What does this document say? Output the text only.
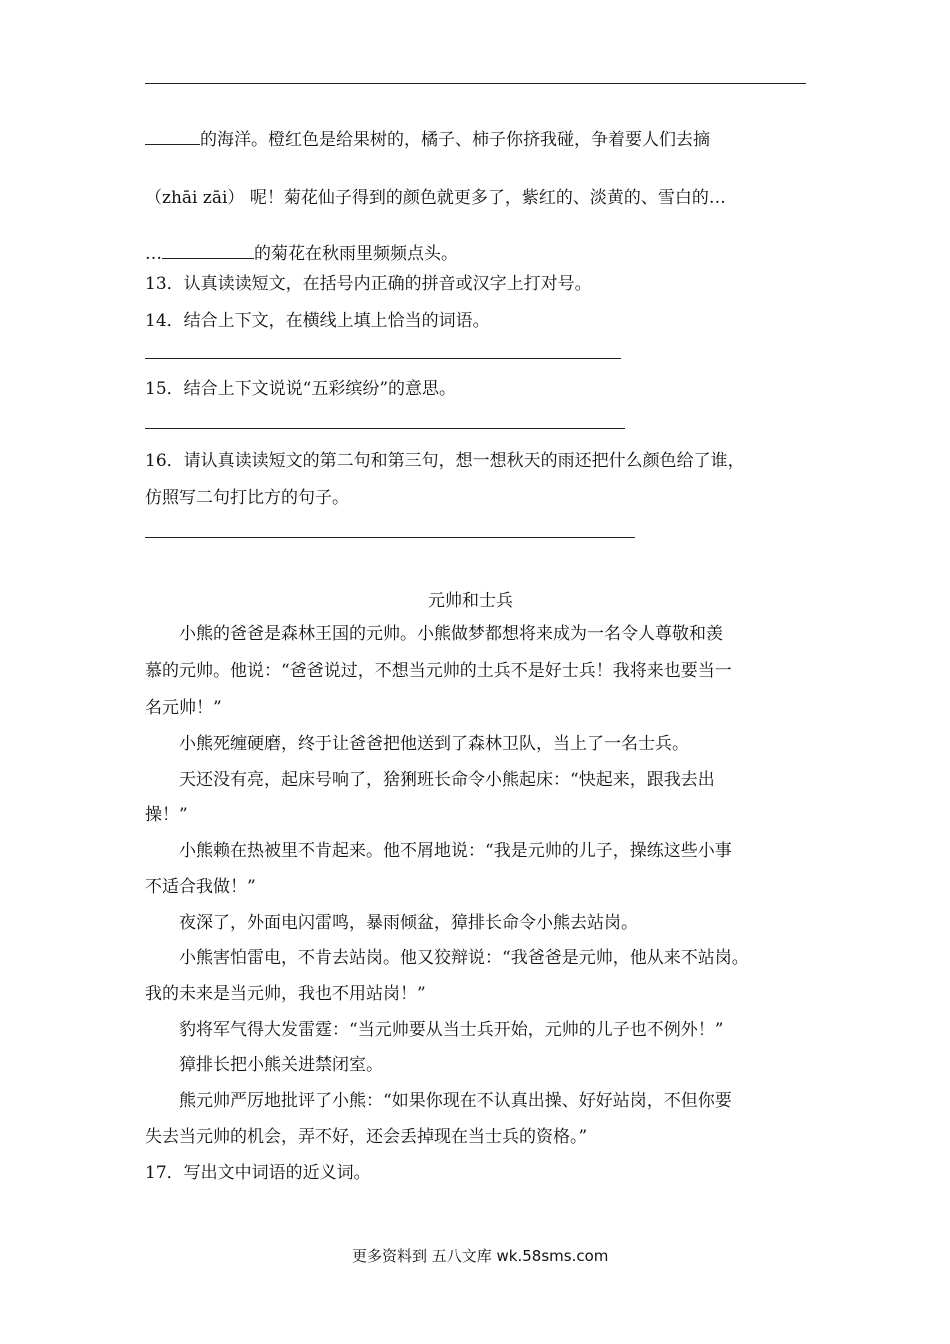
的海洋。橙红色是给果树的，橘子、柿子你挤我碰，争着要人们去摘
（zhāi zāi） 呢！菊花仙子得到的颜色就更多了，紫红的、淡黄的、雪白的…
…	的菊花在秋雨里频频点头。
13．认真读读短文，在括号内正确的拼音或汉字上打对号。
14．结合上下文，在横线上填上恰当的词语。
15．结合上下文说说“五彩缤纷”的意思。
16．请认真读读短文的第二句和第三句，想一想秋天的雨还把什么颜色给了谁，
仿照写二句打比方的句子。
元帅和士兵
小熊的爸爸是森林王国的元帅。小熊做梦都想将来成为一名令人尊敬和羡
慕的元帅。他说：“爸爸说过，不想当元帅的土兵不是好士兵！我将来也要当一
名元帅！”
小熊死缠硬磨，终于让爸爸把他送到了森林卫队，当上了一名士兵。
天还没有亮，起床号响了，猞猁班长命令小熊起床：“快起来，跟我去出
操！”
小熊赖在热被里不肯起来。他不屑地说：“我是元帅的儿子，操练这些小事
不适合我做！”
夜深了，外面电闪雷鸣，暴雨倾盆，獐排长命令小熊去站岗。
小熊害怕雷电，不肯去站岗。他又狡辩说：“我爸爸是元帅，他从来不站岗。
我的未来是当元帅，我也不用站岗！”
豹将军气得大发雷霆：“当元帅要从当士兵开始，元帅的儿子也不例外！”
獐排长把小熊关进禁闭室。
熊元帅严厉地批评了小熊：“如果你现在不认真出操、好好站岗，不但你要
失去当元帅的机会，弄不好，还会丢掉现在当士兵的资格。”
17．写出文中词语的近义词。
更多资料到 五八文库 wk.58sms.com
